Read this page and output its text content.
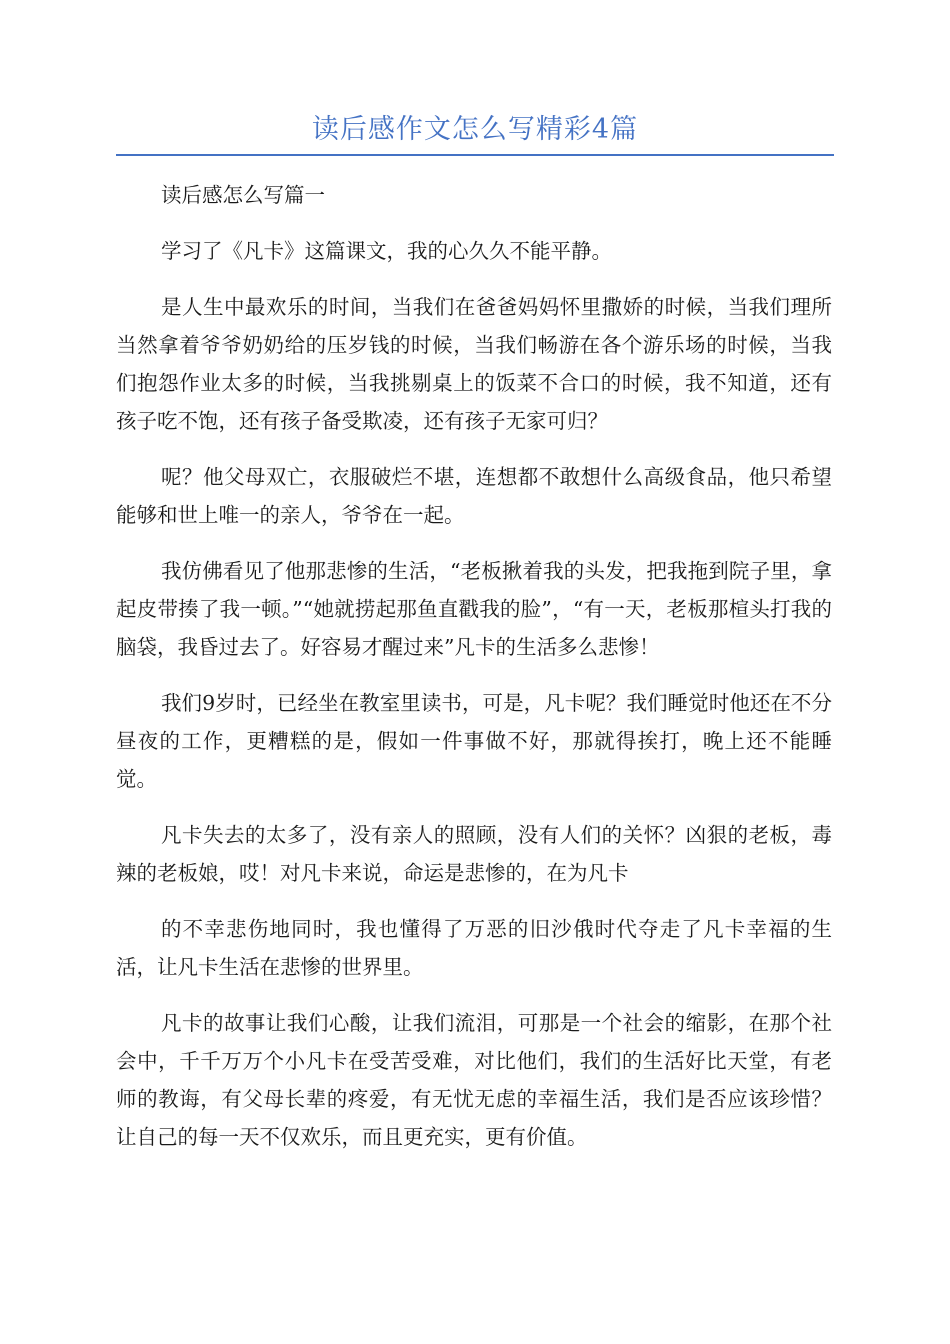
读后感作文怎么写精彩4篇

读后感怎么写篇一

学习了《凡卡》这篇课文，我的心久久不能平静。

是人生中最欢乐的时间，当我们在爸爸妈妈怀里撒娇的时候，当我们理所当然拿着爷爷奶奶给的压岁钱的时候，当我们畅游在各个游乐场的时候，当我们抱怨作业太多的时候，当我挑剔桌上的饭菜不合口的时候，我不知道，还有孩子吃不饱，还有孩子备受欺凌，还有孩子无家可归？

呢？他父母双亡，衣服破烂不堪，连想都不敢想什么高级食品，他只希望能够和世上唯一的亲人，爷爷在一起。

我仿佛看见了他那悲惨的生活，“老板揪着我的头发，把我拖到院子里，拿起皮带揍了我一顿。”“她就捞起那鱼直戳我的脸”，“有一天，老板那楦头打我的脑袋，我昏过去了。好容易才醒过来”凡卡的生活多么悲惨！

我们9岁时，已经坐在教室里读书，可是，凡卡呢？我们睡觉时他还在不分昼夜的工作，更糟糕的是，假如一件事做不好，那就得挨打，晚上还不能睡觉。

凡卡失去的太多了，没有亲人的照顾，没有人们的关怀？凶狠的老板，毒辣的老板娘，哎！对凡卡来说，命运是悲惨的，在为凡卡

的不幸悲伤地同时，我也懂得了万恶的旧沙俄时代夺走了凡卡幸福的生活，让凡卡生活在悲惨的世界里。

凡卡的故事让我们心酸，让我们流泪，可那是一个社会的缩影，在那个社会中，千千万万个小凡卡在受苦受难，对比他们，我们的生活好比天堂，有老师的教诲，有父母长辈的疼爱，有无忧无虑的幸福生活，我们是否应该珍惜？让自己的每一天不仅欢乐，而且更充实，更有价值。
